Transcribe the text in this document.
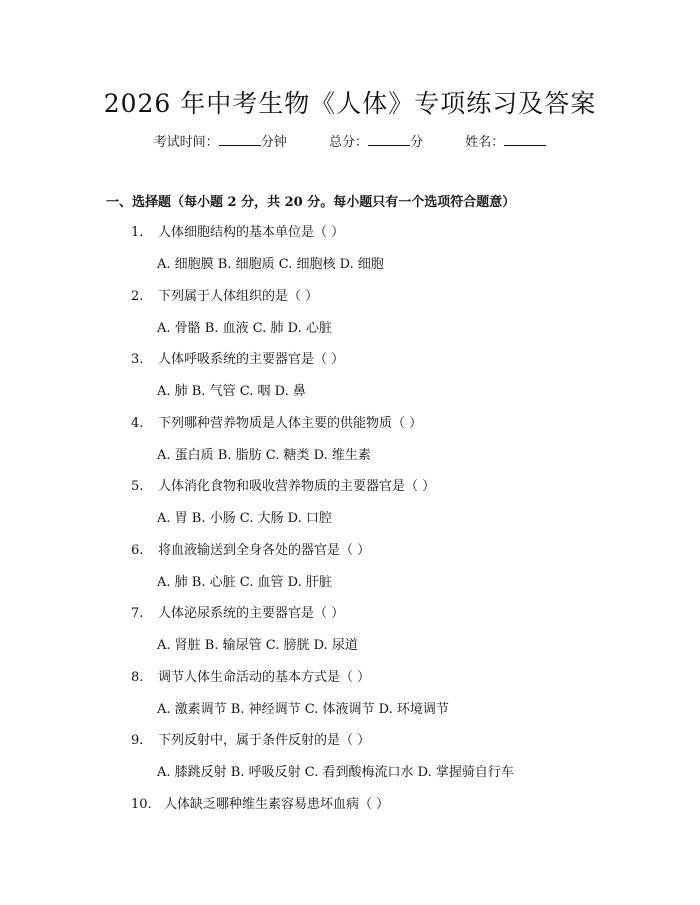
2026 年中考生物《人体》专项练习及答案
考试时间：	分钟	总分：	分	姓名：
一、选择题（每小题 2 分，共 20 分。每小题只有一个选项符合题意）
1. 人体细胞结构的基本单位是（ ）
A. 细胞膜 B. 细胞质 C. 细胞核 D. 细胞
2. 下列属于人体组织的是（ ）
A. 骨骼 B. 血液 C. 肺 D. 心脏
3. 人体呼吸系统的主要器官是（ ）
A. 肺 B. 气管 C. 咽 D. 鼻
4. 下列哪种营养物质是人体主要的供能物质（ ）
A. 蛋白质 B. 脂肪 C. 糖类 D. 维生素
5. 人体消化食物和吸收营养物质的主要器官是（ ）
A. 胃 B. 小肠 C. 大肠 D. 口腔
6. 将血液输送到全身各处的器官是（ ）
A. 肺 B. 心脏 C. 血管 D. 肝脏
7. 人体泌尿系统的主要器官是（ ）
A. 肾脏 B. 输尿管 C. 膀胱 D. 尿道
8. 调节人体生命活动的基本方式是（ ）
A. 激素调节 B. 神经调节 C. 体液调节 D. 环境调节
9. 下列反射中，属于条件反射的是（ ）
A. 膝跳反射 B. 呼吸反射 C. 看到酸梅流口水 D. 掌握骑自行车
10. 人体缺乏哪种维生素容易患坏血病（ ）
